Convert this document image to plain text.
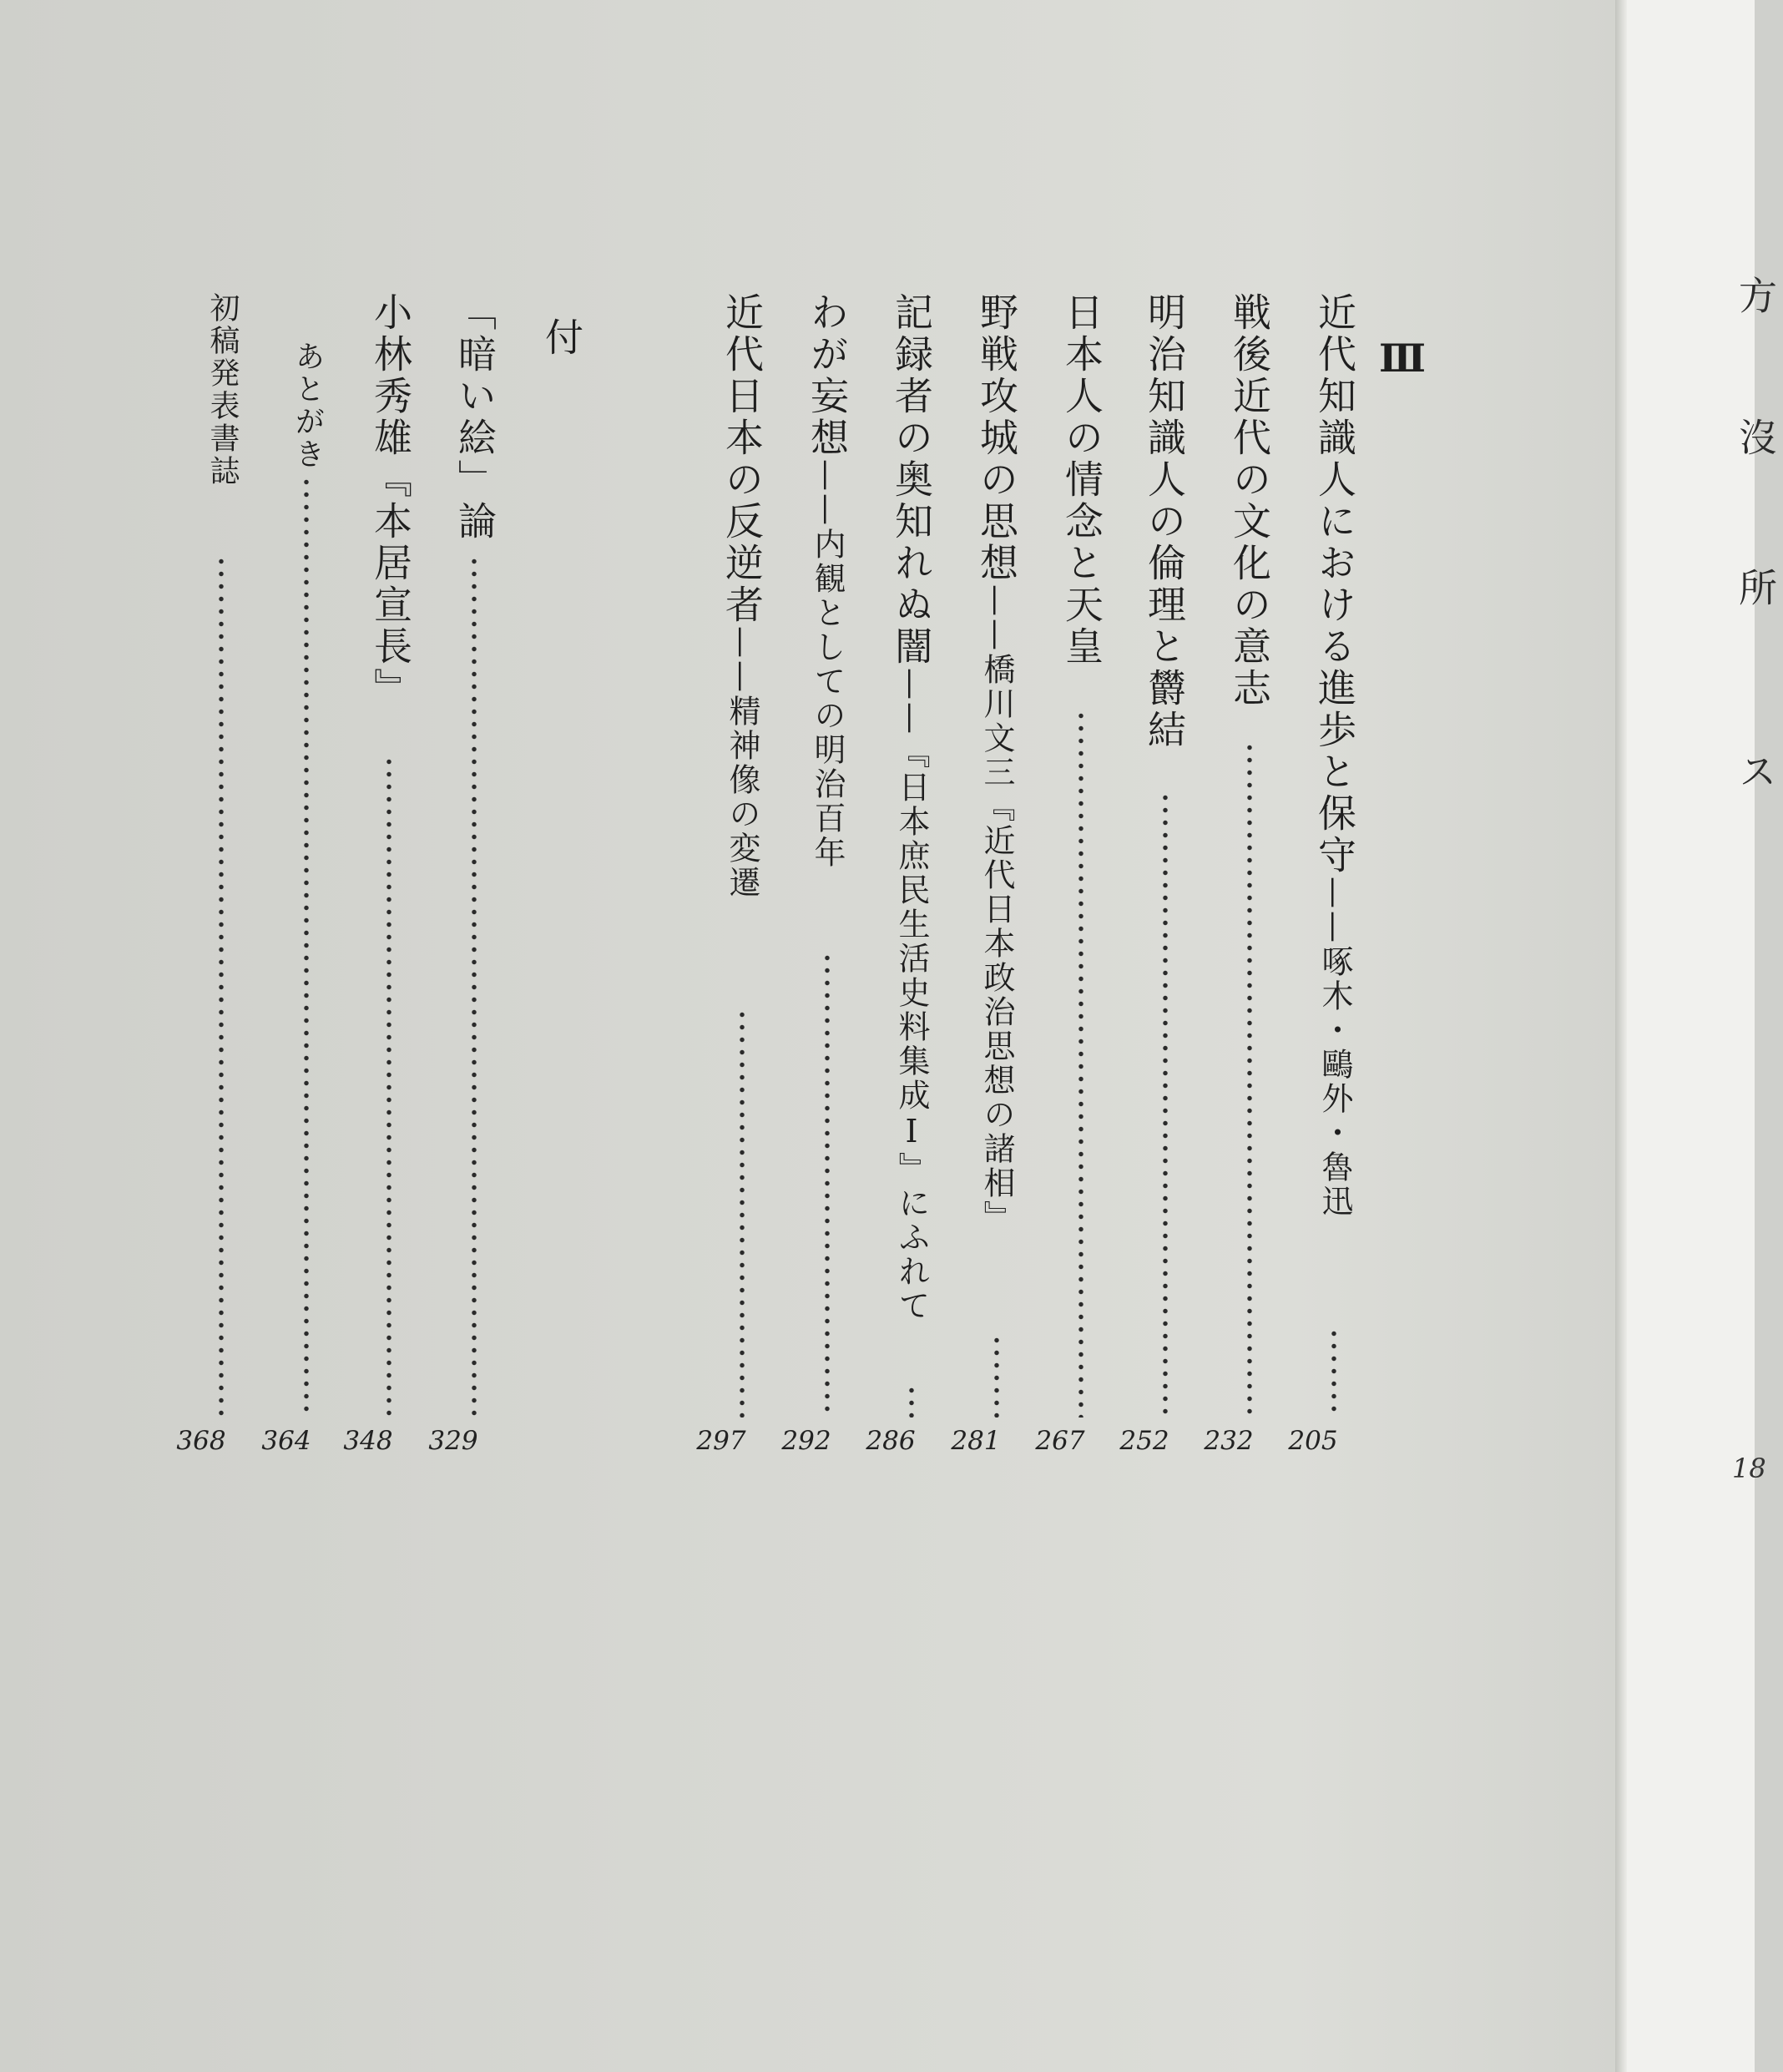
Ⅲ
近代知識人における進歩と保守——啄木・鷗外・魯迅
205
戦後近代の文化の意志
232
明治知識人の倫理と欝結
252
日本人の情念と天皇
267
野戦攻城の思想——橋川文三『近代日本政治思想の諸相』
281
記録者の奥知れぬ闇——『日本庶民生活史料集成Ⅰ』にふれて
286
わが妄想——内観としての明治百年
292
近代日本の反逆者——精神像の変遷
297
付
「暗い絵」論
329
小林秀雄『本居宣長』
348
あとがき
364
初稿発表書誌
368
方
沒
所
ス
18
